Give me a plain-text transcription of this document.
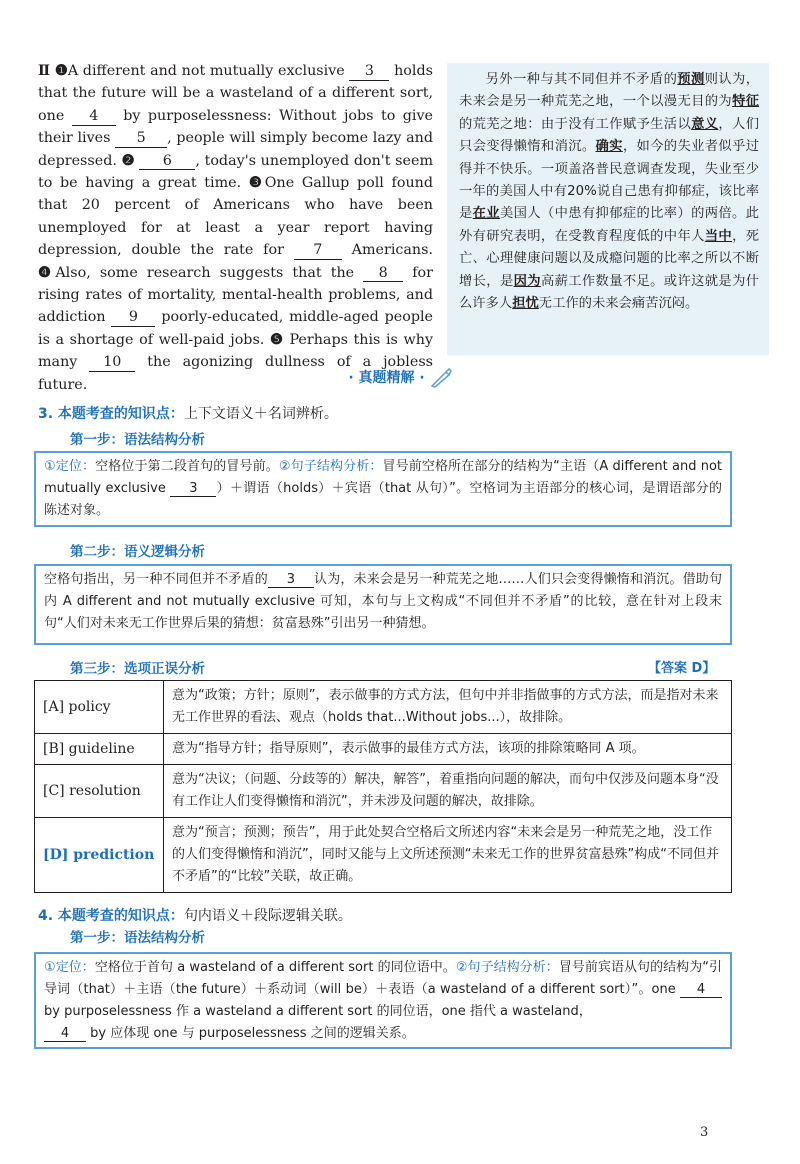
Ⅱ ❶A different and not mutually exclusive 3 holds that the future will be a wasteland of a different sort, one 4 by purposelessness: Without jobs to give their lives 5 , people will simply become lazy and depressed. ❷ 6 , today's unemployed don't seem to be having a great time. ❸One Gallup poll found that 20 percent of Americans who have been unemployed for at least a year report having depression, double the rate for 7 Americans. ❹Also, some research suggests that the 8 for rising rates of mortality, mental-health problems, and addiction 9 poorly-educated, middle-aged people is a shortage of well-paid jobs. ❺ Perhaps this is why many 10 the agonizing dullness of a jobless future.

另外一种与其不同但并不矛盾的预测则认为，未来会是另一种荒芜之地，一个以漫无目的为特征的荒芜之地：由于没有工作赋予生活以意义，人们只会变得懒惰和消沉。确实，如今的失业者似乎过得并不快乐。一项盖洛普民意调查发现，失业至少一年的美国人中有20%说自己患有抑郁症，该比率是在业美国人（中患有抑郁症的比率）的两倍。此外有研究表明，在受教育程度低的中年人当中，死亡、心理健康问题以及成瘾问题的比率之所以不断增长，是因为高薪工作数量不足。或许这就是为什么许多人担忧无工作的未来会痛苦沉闷。

· 真题精解 ·
3. 本题考查的知识点：上下文语义＋名词辨析。
第一步：语法结构分析
①定位：空格位于第二段首句的冒号前。②句子结构分析：冒号前空格所在部分的结构为“主语（A different and not mutually exclusive 3 ）＋谓语（holds）＋宾语（that 从句）”。空格词为主语部分的核心词，是谓语部分的陈述对象。
第二步：语义逻辑分析
空格句指出，另一种不同但并不矛盾的 3 认为，未来会是另一种荒芜之地……人们只会变得懒惰和消沉。借助句内 A different and not mutually exclusive 可知，本句与上文构成“不同但并不矛盾”的比较，意在针对上段末句“人们对未来无工作世界后果的猜想：贫富悬殊”引出另一种猜想。
第三步：选项正误分析	【答案 D】
[A] policy	意为“政策；方针；原则”，表示做事的方式方法，但句中并非指做事的方式方法，而是指对未来无工作世界的看法、观点（holds that...Without jobs...），故排除。
[B] guideline	意为“指导方针；指导原则”，表示做事的最佳方式方法，该项的排除策略同 A 项。
[C] resolution	意为“决议；（问题、分歧等的）解决，解答”，着重指向问题的解决，而句中仅涉及问题本身“没有工作让人们变得懒惰和消沉”，并未涉及问题的解决，故排除。
[D] prediction	意为“预言；预测；预告”，用于此处契合空格后文所述内容“未来会是另一种荒芜之地，没工作的人们变得懒惰和消沉”，同时又能与上文所述预测“未来无工作的世界贫富悬殊”构成“不同但并不矛盾”的“比较”关联，故正确。
4. 本题考查的知识点：句内语义＋段际逻辑关联。
第一步：语法结构分析
①定位：空格位于首句 a wasteland of a different sort 的同位语中。②句子结构分析：冒号前宾语从句的结构为“引导词（that）＋主语（the future）＋系动词（will be）＋表语（a wasteland of a different sort）”。one 4 by purposelessness 作 a wasteland a different sort 的同位语，one 指代 a wasteland，
4 by 应体现 one 与 purposelessness 之间的逻辑关系。
3
